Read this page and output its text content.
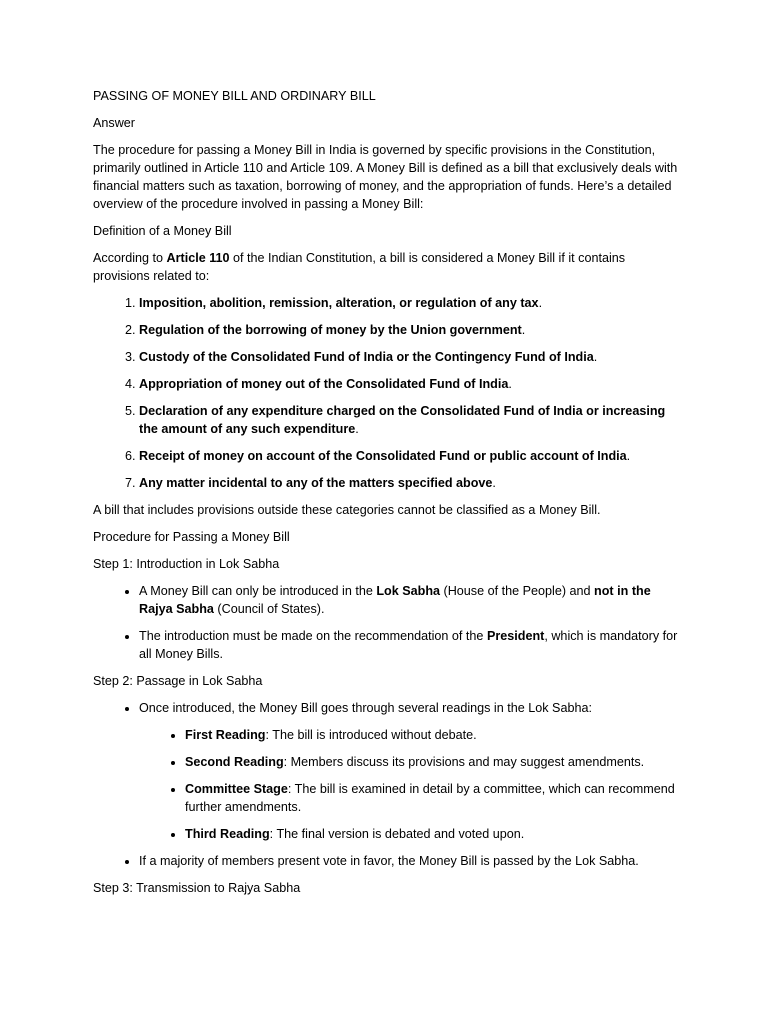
PASSING OF MONEY BILL AND ORDINARY BILL

Answer

The procedure for passing a Money Bill in India is governed by specific provisions in the Constitution, primarily outlined in Article 110 and Article 109. A Money Bill is defined as a bill that exclusively deals with financial matters such as taxation, borrowing of money, and the appropriation of funds. Here’s a detailed overview of the procedure involved in passing a Money Bill:

Definition of a Money Bill

According to Article 110 of the Indian Constitution, a bill is considered a Money Bill if it contains provisions related to:

1. Imposition, abolition, remission, alteration, or regulation of any tax.
2. Regulation of the borrowing of money by the Union government.
3. Custody of the Consolidated Fund of India or the Contingency Fund of India.
4. Appropriation of money out of the Consolidated Fund of India.
5. Declaration of any expenditure charged on the Consolidated Fund of India or increasing the amount of any such expenditure.
6. Receipt of money on account of the Consolidated Fund or public account of India.
7. Any matter incidental to any of the matters specified above.

A bill that includes provisions outside these categories cannot be classified as a Money Bill.

Procedure for Passing a Money Bill

Step 1: Introduction in Lok Sabha

• A Money Bill can only be introduced in the Lok Sabha (House of the People) and not in the Rajya Sabha (Council of States).
• The introduction must be made on the recommendation of the President, which is mandatory for all Money Bills.

Step 2: Passage in Lok Sabha

• Once introduced, the Money Bill goes through several readings in the Lok Sabha:
• First Reading: The bill is introduced without debate.
• Second Reading: Members discuss its provisions and may suggest amendments.
• Committee Stage: The bill is examined in detail by a committee, which can recommend further amendments.
• Third Reading: The final version is debated and voted upon.
• If a majority of members present vote in favor, the Money Bill is passed by the Lok Sabha.

Step 3: Transmission to Rajya Sabha
